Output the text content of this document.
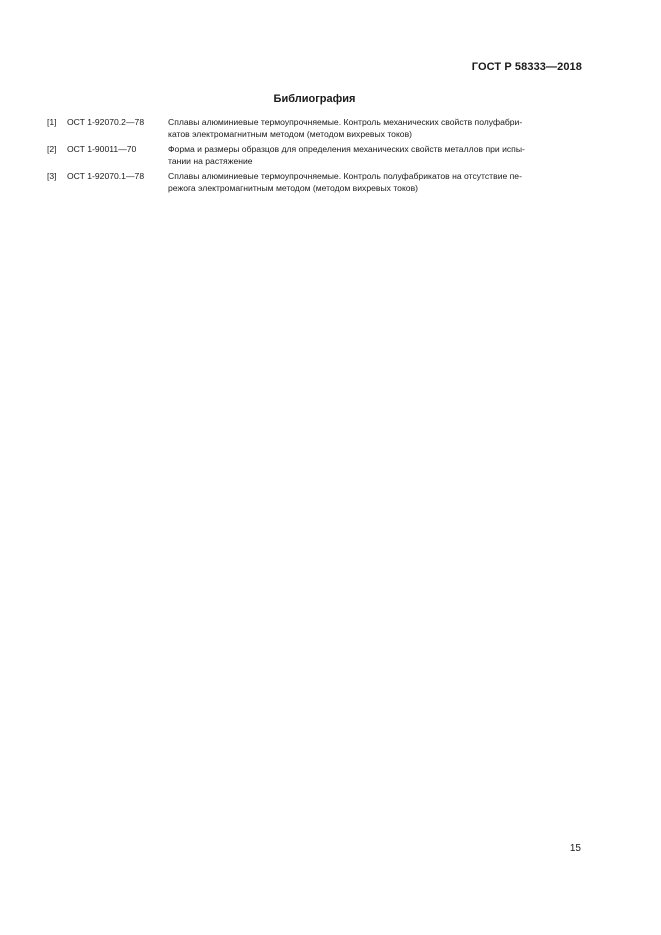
ГОСТ Р 58333—2018
Библиография
[1]	ОСТ 1-92070.2—78	Сплавы алюминиевые термоупрочняемые. Контроль механических свойств полуфабри-
катов электромагнитным методом (методом вихревых токов)
[2]	ОСТ 1-90011—70	Форма и размеры образцов для определения механических свойств металлов при испы-
тании на растяжение
[3]	ОСТ 1-92070.1—78	Сплавы алюминиевые термоупрочняемые. Контроль полуфабрикатов на отсутствие пе-
режога электромагнитным методом (методом вихревых токов)
15
